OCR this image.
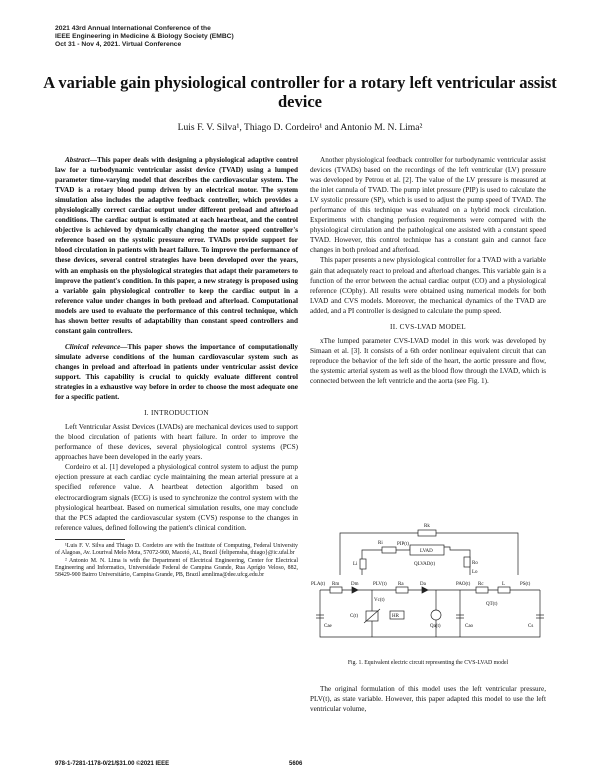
2021 43rd Annual International Conference of the
IEEE Engineering in Medicine & Biology Society (EMBC)
Oct 31 - Nov 4, 2021. Virtual Conference
A variable gain physiological controller for a rotary left ventricular assist device
Luis F. V. Silva¹, Thiago D. Cordeiro¹ and Antonio M. N. Lima²

Abstract—This paper deals with designing a physiological adaptive control law for a turbodynamic ventricular assist device (TVAD) using a lumped parameter time-varying model that describes the cardiovascular system. The TVAD is a rotary blood pump driven by an electrical motor. The system simulation also includes the adaptive feedback controller, which provides a physiologically correct cardiac output under different preload and afterload conditions. The cardiac output is estimated at each heartbeat, and the control objective is achieved by dynamically changing the motor speed controller's reference based on the systolic pressure error. TVADs provide support for blood circulation in patients with heart failure. To improve the performance of these devices, several control strategies have been developed over the years, with an emphasis on the physiological strategies that adapt their parameters to improve the patient's condition. In this paper, a new strategy is proposed using a variable gain physiological controller to keep the cardiac output in a reference value under changes in both preload and afterload. Computational models are used to evaluate the performance of this control technique, which has shown better results of adaptability than constant speed controllers and constant gain controllers.

Clinical relevance—This paper shows the importance of computationally simulate adverse conditions of the human cardiovascular system such as changes in preload and afterload in patients under ventricular assist device support. This capability is crucial to quickly evaluate different control strategies in a exhaustive way before in order to choose the most adequate one for a specific patient.

I. INTRODUCTION

Left Ventricular Assist Devices (LVADs) are mechanical devices used to support the blood circulation of patients with heart failure. In order to improve the performance of these devices, several physiological control systems (PCS) approaches have been developed in the early years.

Cordeiro et al. [1] developed a physiological control system to adjust the pump ejection pressure at each cardiac cycle maintaining the mean arterial pressure at a specified reference value. A heartbeat detection algorithm based on electrocardiogram signals (ECG) is used to synchronize the control system with the physiological heartbeat. Based on numerical simulation results, one may conclude that the PCS adapted the cardiovascular system (CVS) response to the changes in reference values, defined following the patient's clinical condition.

¹Luis F. V. Silva and Thiago D. Cordeiro are with the Institute of Computing, Federal University of Alagoas, Av. Lourival Melo Mota, 57072-900, Maceió, AL, Brazil {felipemsha, thiago}@ic.ufal.br

² Antonio M. N. Lima is with the Department of Electrical Engineering, Center for Electrical Engineering and Informatics, Universidade Federal de Campina Grande, Rua Aprígio Veloso, 882, 58429-900 Bairro Universitário, Campina Grande, PB, Brazil amnlima@dee.ufcg.edu.br

Another physiological feedback controller for turbodynamic ventricular assist devices (TVADs) based on the recordings of the left ventricular (LV) pressure was developed by Petrou et al. [2]. The value of the LV pressure is measured at the inlet cannula of TVAD. The pump inlet pressure (PIP) is used to calculate the LV systolic pressure (SP), which is used to adjust the pump speed of TVAD. The performance of this technique was evaluated on a hybrid mock circulation. Experiments with changing perfusion requirements were compared with the physiological circulation and the pathological one assisted with a constant speed TVAD. However, this control technique has a constant gain and cannot face changes in both preload and afterload.

This paper presents a new physiological controller for a TVAD with a variable gain that adequately react to preload and afterload changes. This variable gain is a function of the error between the actual cardiac output (CO) and a physiological reference (COphy). All results were obtained using numerical models for both LVAD and CVS models. Moreover, the mechanical dynamics of the TVAD are added, and a PI controller is designed to calculate the pump speed.

II. CVS-LVAD MODEL

xThe lumped parameter CVS-LVAD model in this work was developed by Simaan et al. [3]. It consists of a 6th order nonlinear equivalent circuit that can reproduce the behavior of the left side of the heart, the aortic pressure and flow, the systemic arterial system as well as the blood flow through the LVAD, which is connected between the left ventricle and the aorta (see Fig. 1).

Rk
Ri
Ro
PIP(t)
LVAD
QLVAD(t)
Li
Lo
PLA(t) Rm Dm	PLV(t) Ra	Da	PAO(t) Rc	L	PS(t)
Vc(t)
Cae
C(t)	HR
Qa(t)	Cao
QT(t)
Cs
Fig. 1. Equivalent electric circuit representing the CVS-LVAD model

The original formulation of this model uses the left ventricular pressure, PLV(t), as state variable. However, this paper adapted this model to use the left ventricular volume,

978-1-7281-1178-0/21/$31.00 ©2021 IEEE	5606
